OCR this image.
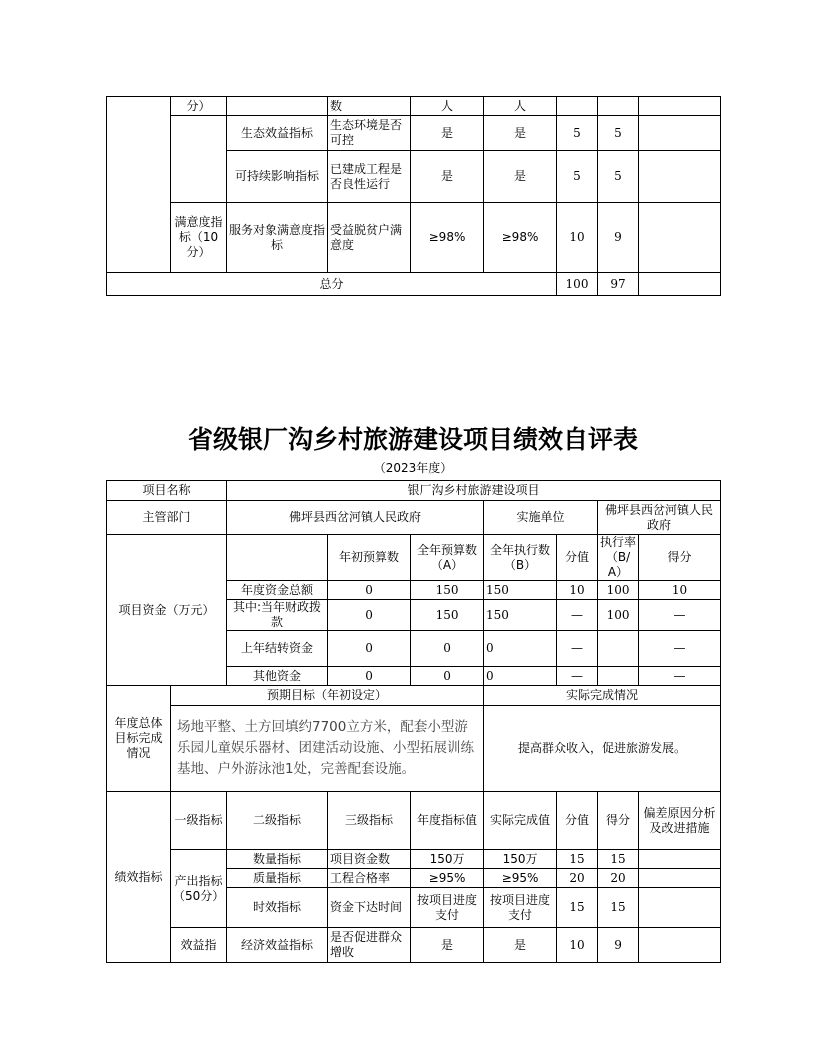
	分）		数	人	人			
		生态效益指标	生态环境是否可控	是	是	5	5	
		可持续影响指标	已建成工程是否良性运行	是	是	5	5	
	满意度指标（10分）	服务对象满意度指标	受益脱贫户满意度	≥98%	≥98%	10	9	
总分						100	97	
省级银厂沟乡村旅游建设项目绩效自评表
（2023年度）
项目名称		银厂沟乡村旅游建设项目						
主管部门		佛坪县西岔河镇人民政府			实施单位		佛坪县西岔河镇人民政府	
项目资金（万元）			年初预算数	全年预算数（A）	全年执行数（B）	分值	执行率（B/A）	得分
		年度资金总额	0	150	150	10	100	10
		其中:当年财政拨款	0	150	150	—	100	—
		上年结转资金	0	0	0	—		—
		其他资金	0	0	0	—		—
年度总体目标完成情况	预期目标（年初设定）				实际完成情况			
	场地平整、土方回填约7700立方米，配套小型游乐园儿童娱乐器材、团建活动设施、小型拓展训练基地、户外游泳池1处，完善配套设施。				提高群众收入，促进旅游发展。			
绩效指标	一级指标	二级指标	三级指标	年度指标值	实际完成值	分值	得分	偏差原因分析及改进措施
	产出指标（50分）	数量指标	项目资金数	150万	150万	15	15	
		质量指标	工程合格率	≥95%	≥95%	20	20	
		时效指标	资金下达时间	按项目进度支付	按项目进度支付	15	15	
	效益指	经济效益指标	是否促进群众增收	是	是	10	9	
